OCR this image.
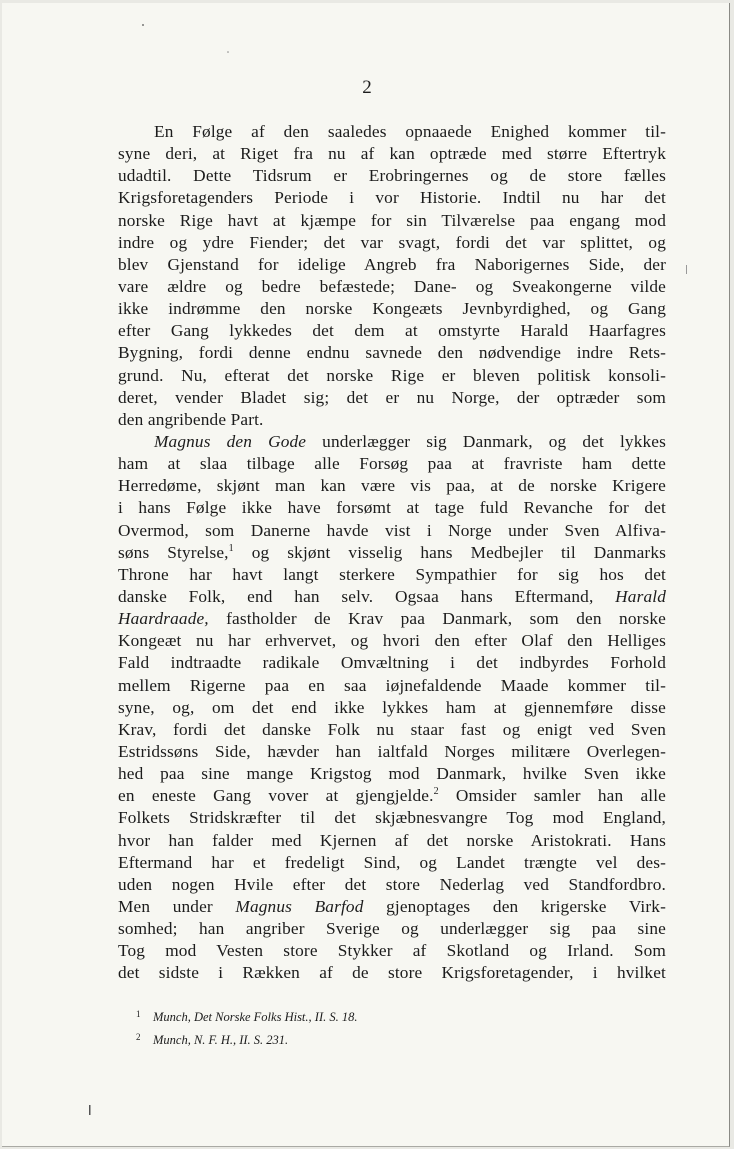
2
En Følge af den saaledes opnaaede Enighed kommer til-
syne deri, at Riget fra nu af kan optræde med større Eftertryk
udadtil. Dette Tidsrum er Erobringernes og de store fælles
Krigsforetagenders Periode i vor Historie. Indtil nu har det
norske Rige havt at kjæmpe for sin Tilværelse paa engang mod
indre og ydre Fiender; det var svagt, fordi det var splittet, og
blev Gjenstand for idelige Angreb fra Naborigernes Side, der
vare ældre og bedre befæstede; Dane- og Sveakongerne vilde
ikke indrømme den norske Kongeæts Jevnbyrdighed, og Gang
efter Gang lykkedes det dem at omstyrte Harald Haarfagres
Bygning, fordi denne endnu savnede den nødvendige indre Rets-
grund. Nu, efterat det norske Rige er bleven politisk konsoli-
deret, vender Bladet sig; det er nu Norge, der optræder som
den angribende Part.
Magnus den Gode underlægger sig Danmark, og det lykkes
ham at slaa tilbage alle Forsøg paa at fravriste ham dette
Herredøme, skjønt man kan være vis paa, at de norske Krigere
i hans Følge ikke have forsømt at tage fuld Revanche for det
Overmod, som Danerne havde vist i Norge under Sven Alfiva-
søns Styrelse,$^1$ og skjønt visselig hans Medbejler til Danmarks
Throne har havt langt sterkere Sympathier for sig hos det
danske Folk, end han selv. Ogsaa hans Eftermand, Harald
Haardraade, fastholder de Krav paa Danmark, som den norske
Kongeæt nu har erhvervet, og hvori den efter Olaf den Helliges
Fald indtraadte radikale Omvæltning i det indbyrdes Forhold
mellem Rigerne paa en saa iøjnefaldende Maade kommer til-
syne, og, om det end ikke lykkes ham at gjennemføre disse
Krav, fordi det danske Folk nu staar fast og enigt ved Sven
Estridssøns Side, hævder han ialtfald Norges militære Overlegen-
hed paa sine mange Krigstog mod Danmark, hvilke Sven ikke
en eneste Gang vover at gjengjelde.$^2$ Omsider samler han alle
Folkets Stridskræfter til det skjæbnesvangre Tog mod England,
hvor han falder med Kjernen af det norske Aristokrati. Hans
Eftermand har et fredeligt Sind, og Landet trængte vel des-
uden nogen Hvile efter det store Nederlag ved Standfordbro.
Men under Magnus Barfod gjenoptages den krigerske Virk-
somhed; han angriber Sverige og underlægger sig paa sine
Tog mod Vesten store Stykker af Skotland og Irland. Som
det sidste i Rækken af de store Krigsforetagender, i hvilket
1 Munch, Det Norske Folks Hist., II. S. 18.
2 Munch, N. F. H., II. S. 231.
